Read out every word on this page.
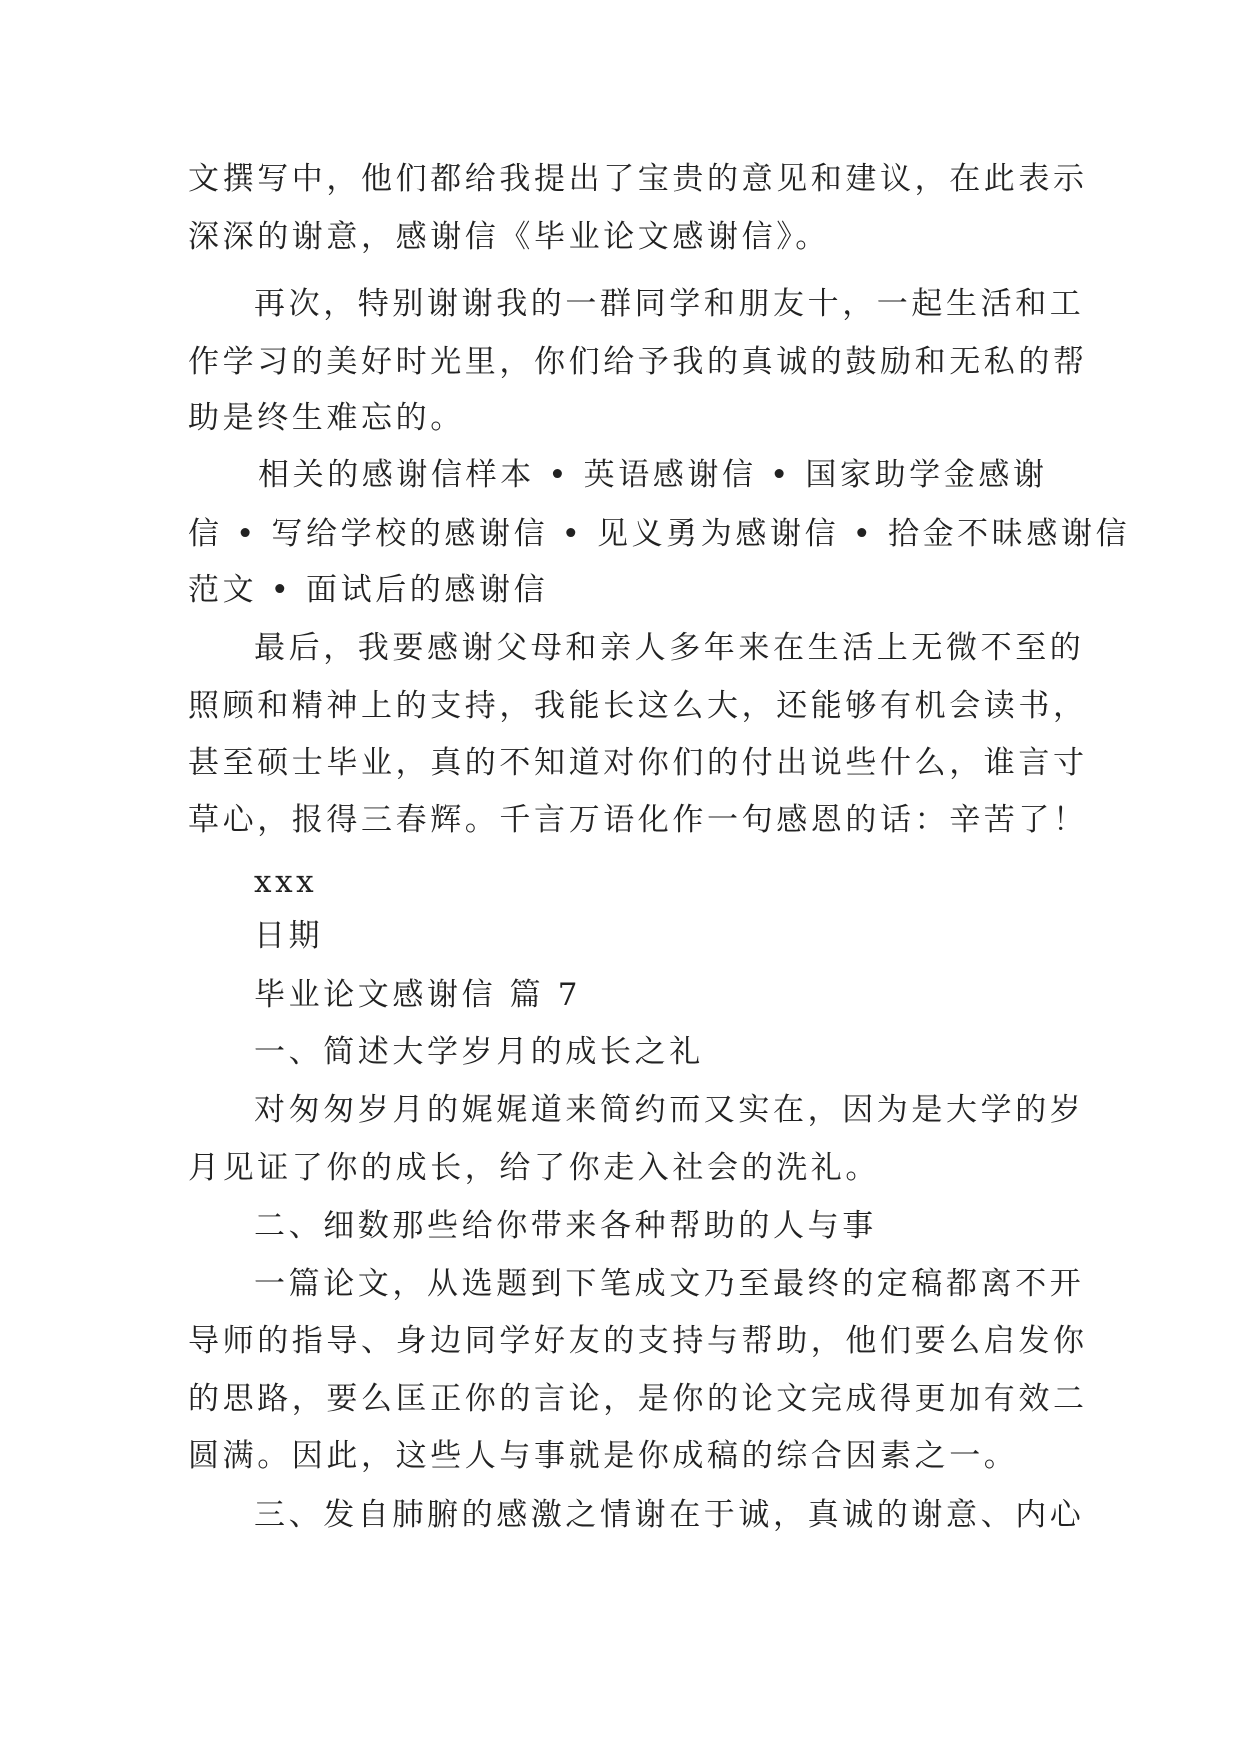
文撰写中，他们都给我提出了宝贵的意见和建议，在此表示
深深的谢意，感谢信《毕业论文感谢信》。
再次，特别谢谢我的一群同学和朋友十，一起生活和工
作学习的美好时光里，你们给予我的真诚的鼓励和无私的帮
助是终生难忘的。
相关的感谢信样本 • 英语感谢信 • 国家助学金感谢
信 • 写给学校的感谢信 • 见义勇为感谢信 • 拾金不昧感谢信
范文 • 面试后的感谢信
最后，我要感谢父母和亲人多年来在生活上无微不至的
照顾和精神上的支持，我能长这么大，还能够有机会读书，
甚至硕士毕业，真的不知道对你们的付出说些什么，谁言寸
草心，报得三春辉。千言万语化作一句感恩的话：辛苦了！
xxx
日期
毕业论文感谢信 篇 7
一、简述大学岁月的成长之礼
对匆匆岁月的娓娓道来简约而又实在，因为是大学的岁
月见证了你的成长，给了你走入社会的洗礼。
二、细数那些给你带来各种帮助的人与事
一篇论文，从选题到下笔成文乃至最终的定稿都离不开
导师的指导、身边同学好友的支持与帮助，他们要么启发你
的思路，要么匡正你的言论，是你的论文完成得更加有效二
圆满。因此，这些人与事就是你成稿的综合因素之一。
三、发自肺腑的感激之情谢在于诚，真诚的谢意、内心
